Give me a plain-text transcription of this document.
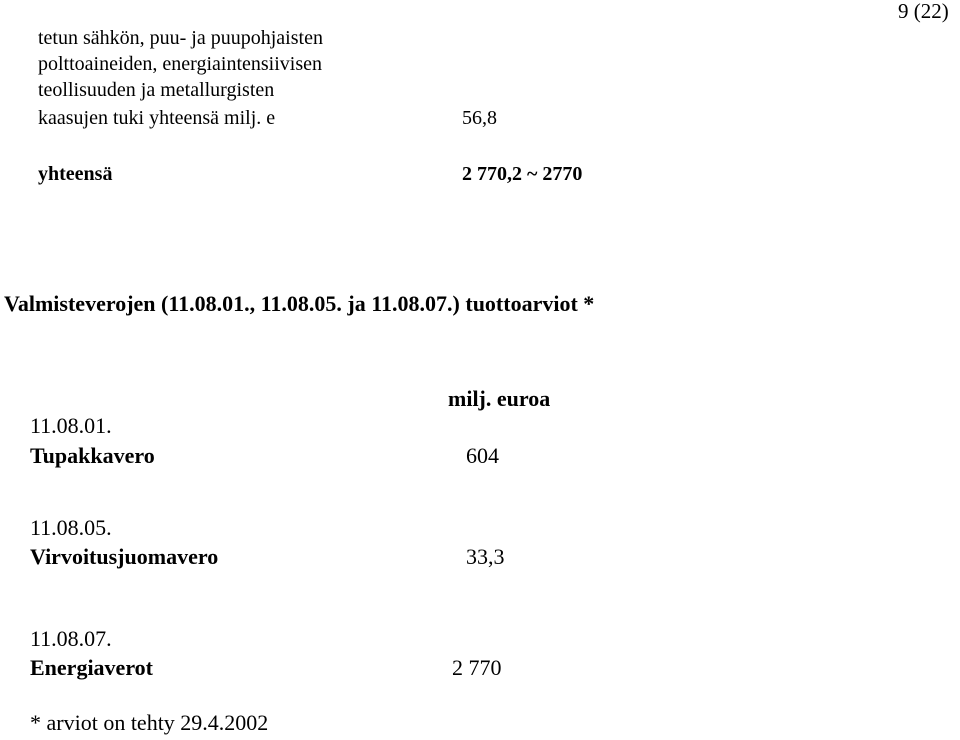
9 (22)
tetun sähkön, puu- ja puupohjaisten
polttoaineiden, energiaintensiivisen
teollisuuden ja metallurgisten
kaasujen tuki yhteensä milj. e	56,8
yhteensä	2 770,2 ~ 2770
Valmisteverojen (11.08.01., 11.08.05. ja 11.08.07.) tuottoarviot *
milj. euroa
11.08.01.
Tupakkavero	604
11.08.05.
Virvoitusjuomavero	33,3
11.08.07.
Energiaverot	2 770
* arviot on tehty 29.4.2002
